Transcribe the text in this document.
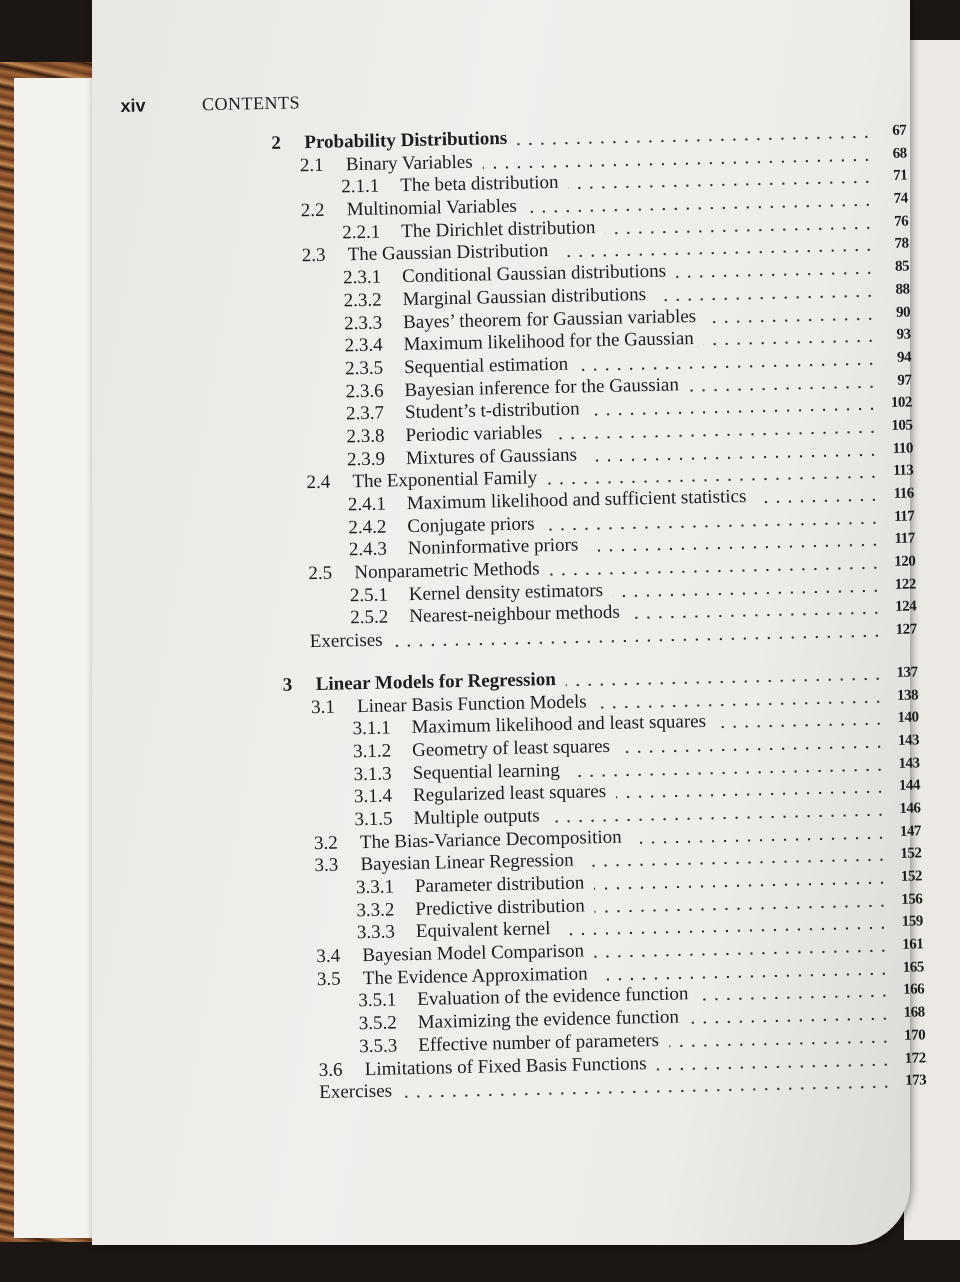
xiv	CONTENTS
2 Probability Distributions	67
2.1 Binary Variables	68
2.1.1 The beta distribution	71
2.2 Multinomial Variables	74
2.2.1 The Dirichlet distribution	76
2.3 The Gaussian Distribution	78
2.3.1 Conditional Gaussian distributions	85
2.3.2 Marginal Gaussian distributions	88
2.3.3 Bayes’ theorem for Gaussian variables	90
2.3.4 Maximum likelihood for the Gaussian	93
2.3.5 Sequential estimation	94
2.3.6 Bayesian inference for the Gaussian	97
2.3.7 Student’s t-distribution	102
2.3.8 Periodic variables	105
2.3.9 Mixtures of Gaussians	110
2.4 The Exponential Family	113
2.4.1 Maximum likelihood and sufficient statistics	116
2.4.2 Conjugate priors	117
2.4.3 Noninformative priors	117
2.5 Nonparametric Methods	120
2.5.1 Kernel density estimators	122
2.5.2 Nearest-neighbour methods	124
Exercises	127
3 Linear Models for Regression	137
3.1 Linear Basis Function Models	138
3.1.1 Maximum likelihood and least squares	140
3.1.2 Geometry of least squares	143
3.1.3 Sequential learning	143
3.1.4 Regularized least squares	144
3.1.5 Multiple outputs	146
3.2 The Bias-Variance Decomposition	147
3.3 Bayesian Linear Regression	152
3.3.1 Parameter distribution	152
3.3.2 Predictive distribution	156
3.3.3 Equivalent kernel	159
3.4 Bayesian Model Comparison	161
3.5 The Evidence Approximation	165
3.5.1 Evaluation of the evidence function	166
3.5.2 Maximizing the evidence function	168
3.5.3 Effective number of parameters	170
3.6 Limitations of Fixed Basis Functions	172
Exercises	173
